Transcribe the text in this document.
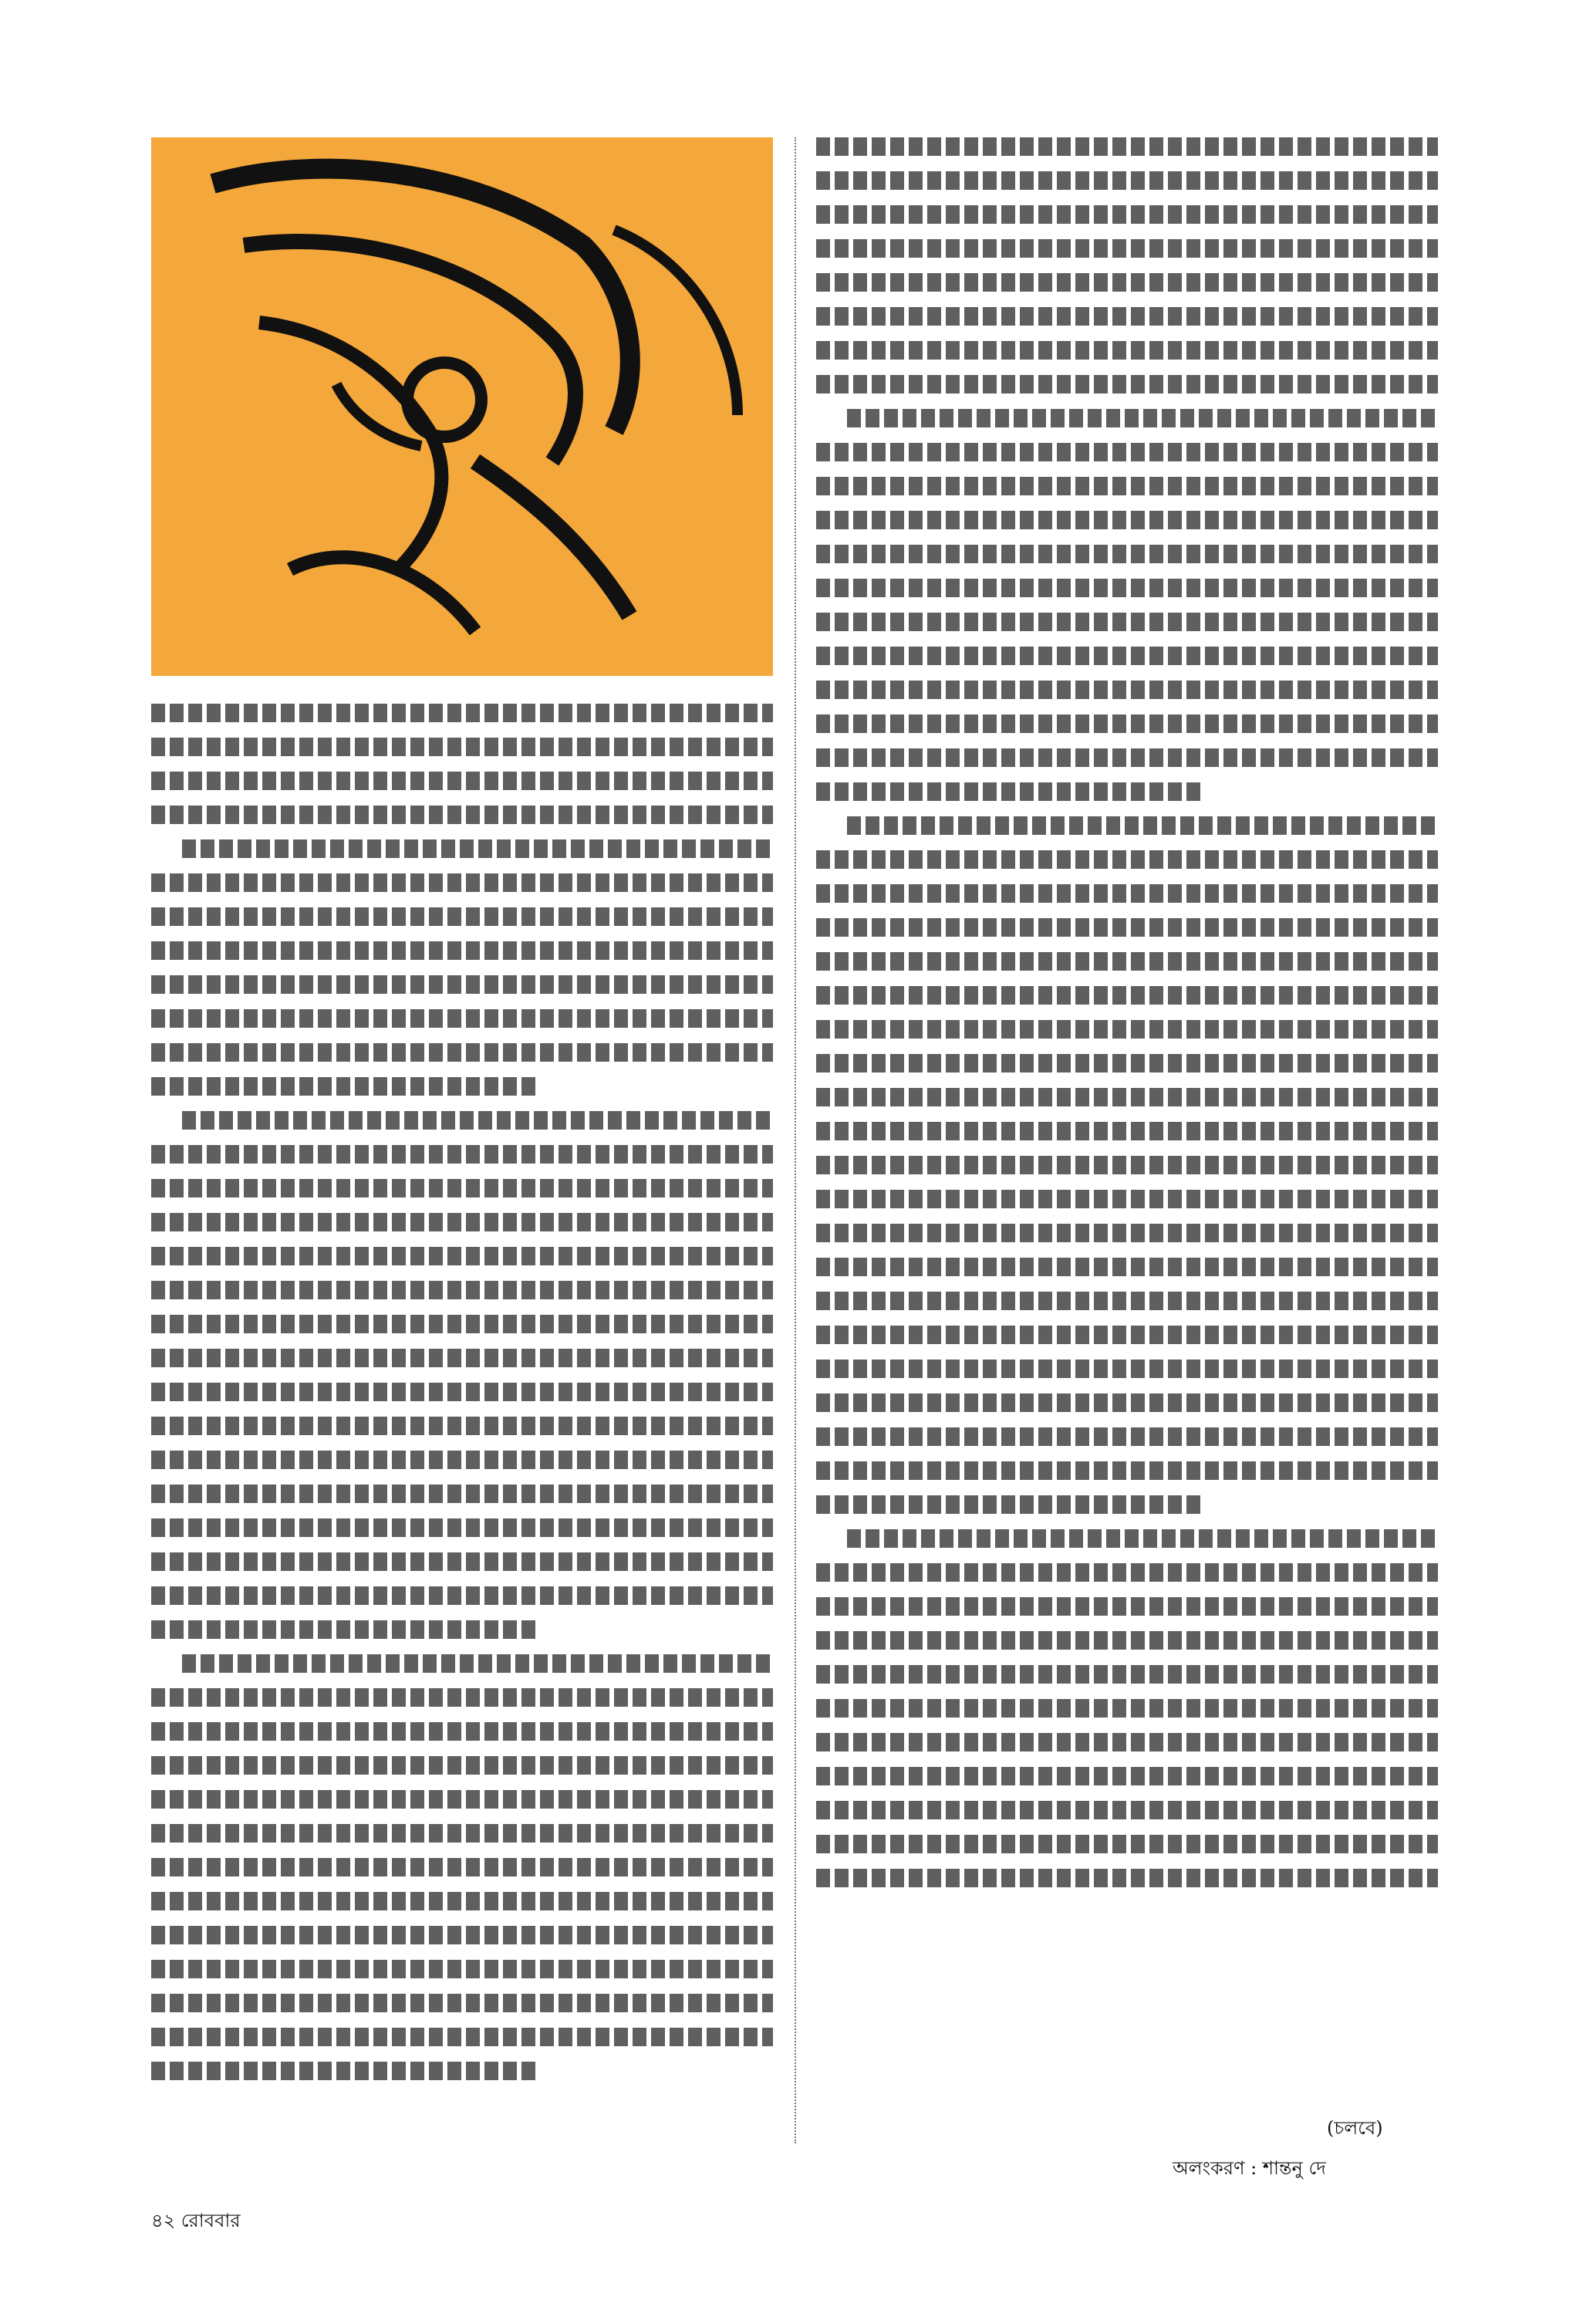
(চলবে)
অলংকরণ : শান্তনু দে
৪২ রোববার
